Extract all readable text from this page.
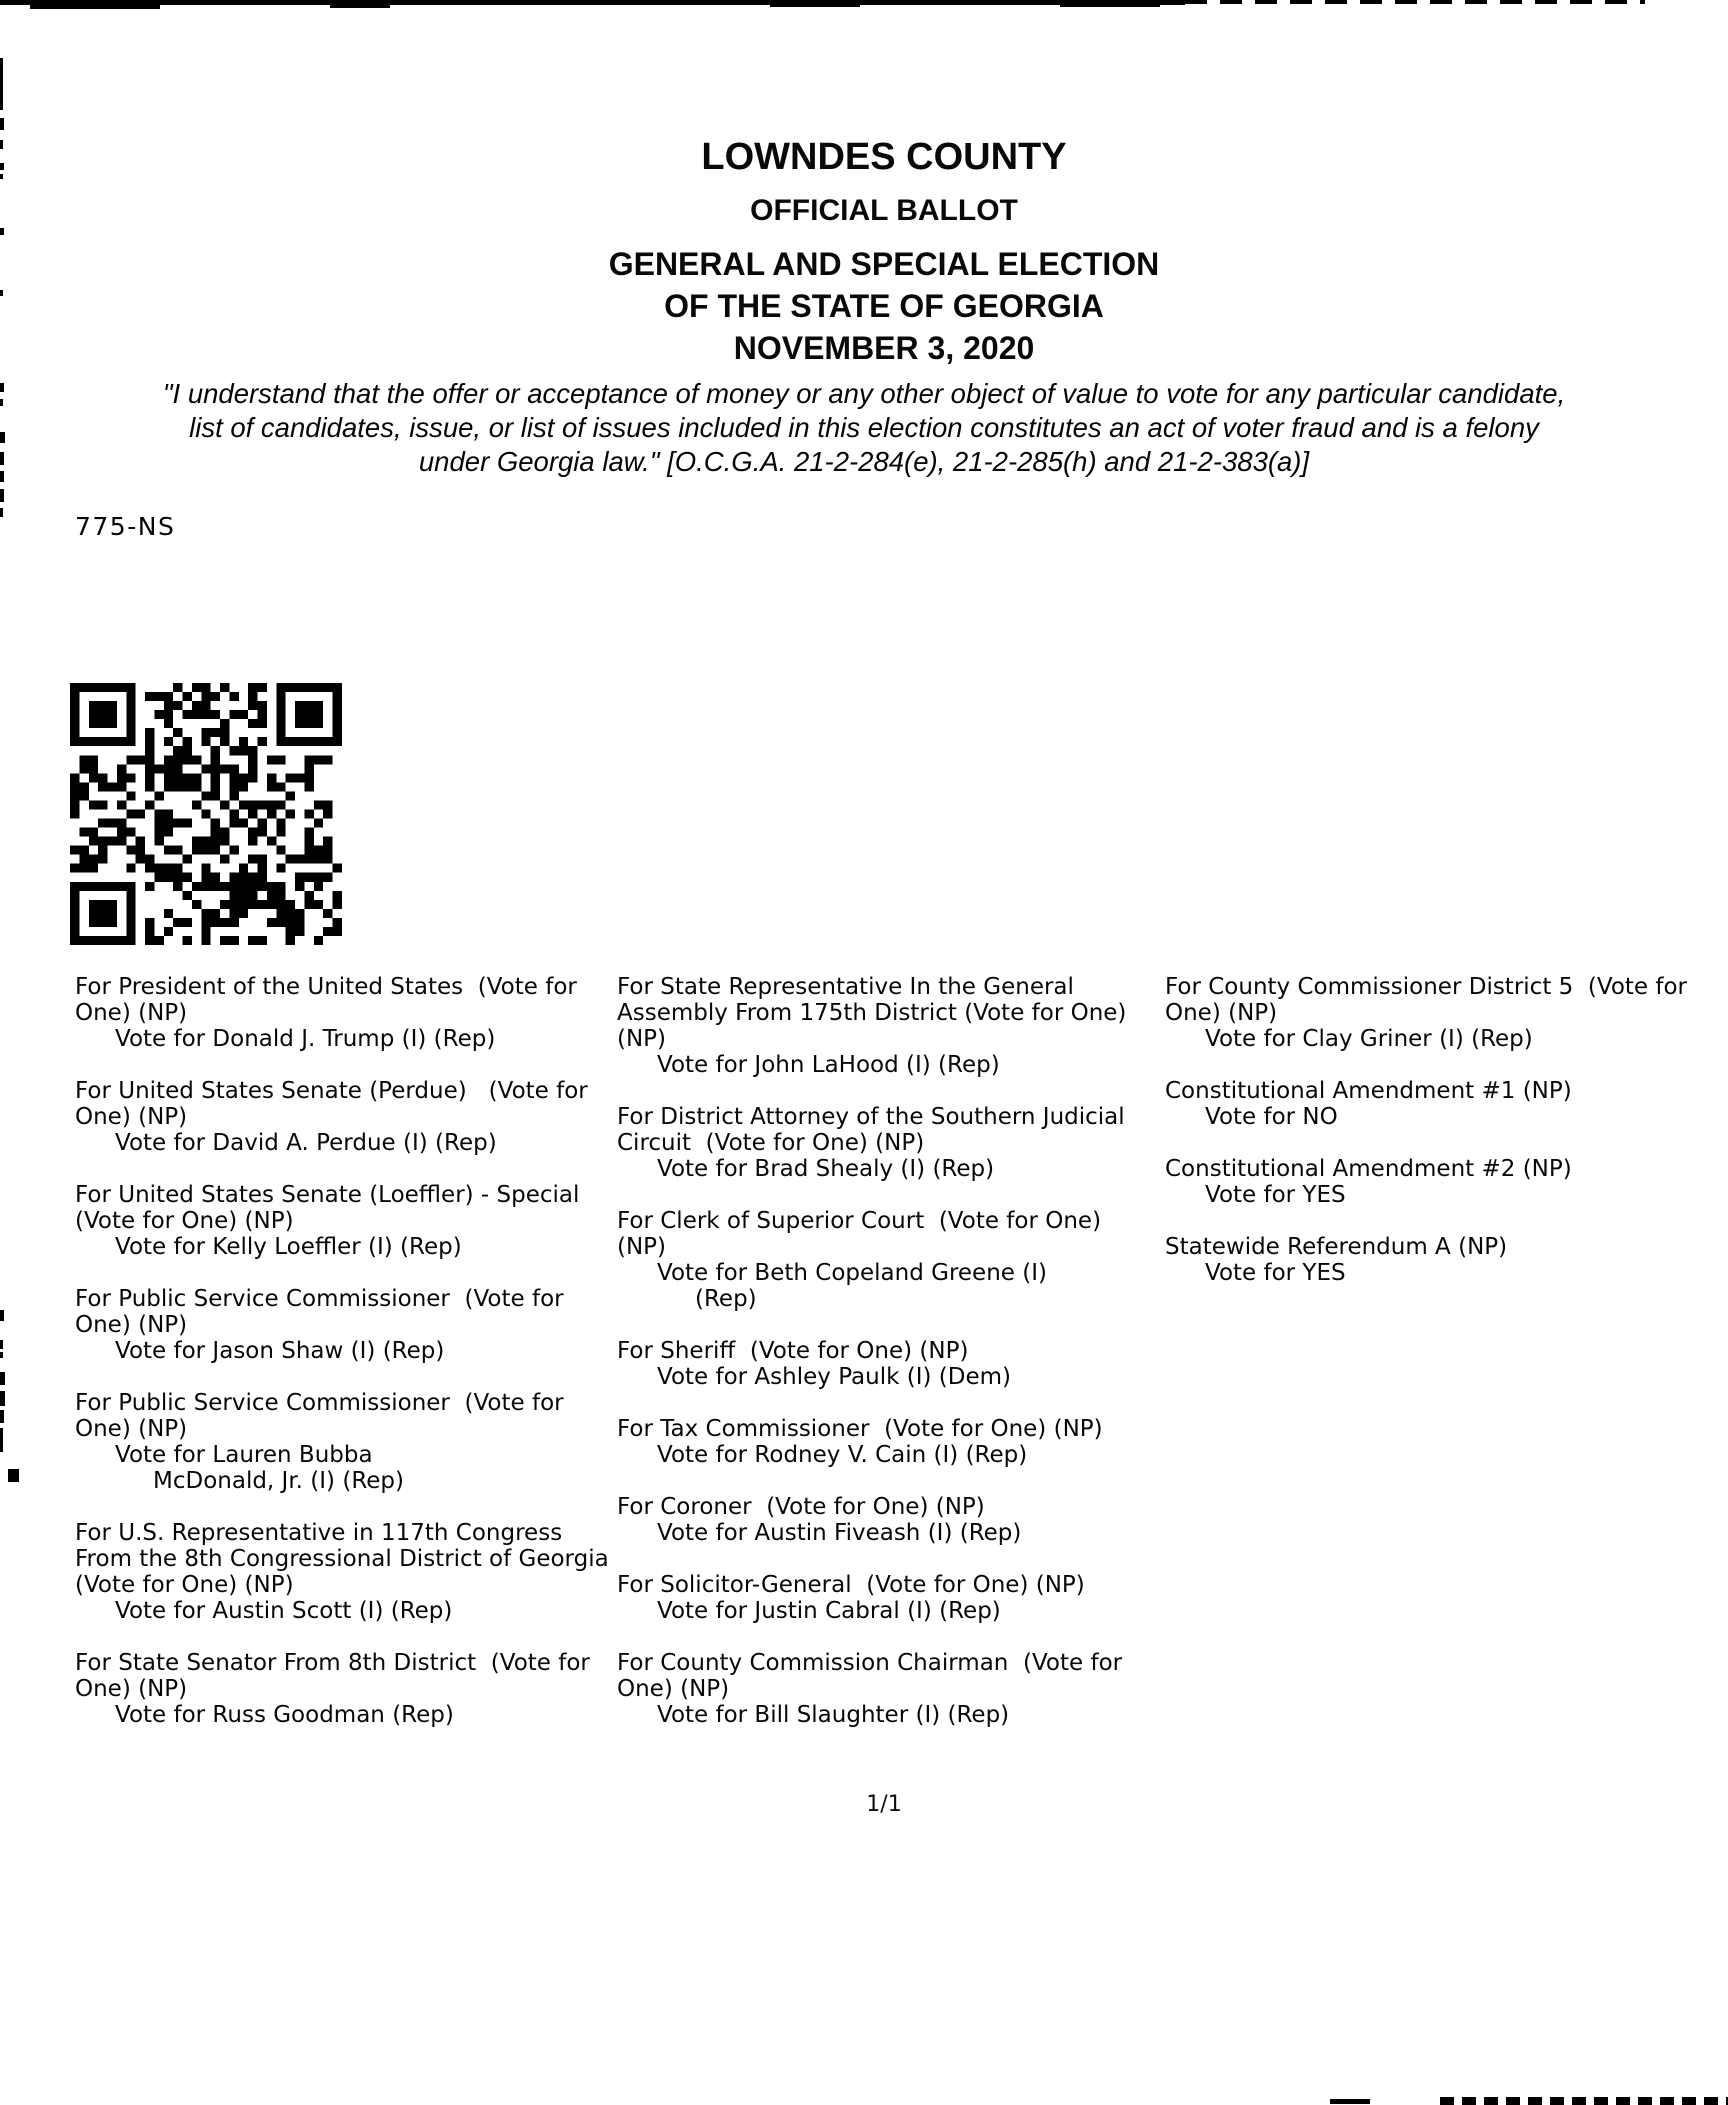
LOWNDES COUNTY
OFFICIAL BALLOT
GENERAL AND SPECIAL ELECTION
OF THE STATE OF GEORGIA
NOVEMBER 3, 2020
"I understand that the offer or acceptance of money or any other object of value to vote for any particular candidate,
list of candidates, issue, or list of issues included in this election constitutes an act of voter fraud and is a felony
under Georgia law." [O.C.G.A. 21-2-284(e), 21-2-285(h) and 21-2-383(a)]
775-NS
For President of the United States  (Vote for One) (NP)
Vote for Donald J. Trump (I) (Rep)
For United States Senate (Perdue)   (Vote for One) (NP)
Vote for David A. Perdue (I) (Rep)
For United States Senate (Loeffler) - Special  (Vote for One) (NP)
Vote for Kelly Loeffler (I) (Rep)
For Public Service Commissioner  (Vote for One) (NP)
Vote for Jason Shaw (I) (Rep)
For Public Service Commissioner  (Vote for One) (NP)
Vote for Lauren Bubba
McDonald, Jr. (I) (Rep)
For U.S. Representative in 117th Congress From the 8th Congressional District of Georgia (Vote for One) (NP)
Vote for Austin Scott (I) (Rep)
For State Senator From 8th District  (Vote for One) (NP)
Vote for Russ Goodman (Rep)
For State Representative In the General Assembly From 175th District (Vote for One) (NP)
Vote for John LaHood (I) (Rep)
For District Attorney of the Southern Judicial Circuit  (Vote for One) (NP)
Vote for Brad Shealy (I) (Rep)
For Clerk of Superior Court  (Vote for One) (NP)
Vote for Beth Copeland Greene (I)
(Rep)
For Sheriff  (Vote for One) (NP)
Vote for Ashley Paulk (I) (Dem)
For Tax Commissioner  (Vote for One) (NP)
Vote for Rodney V. Cain (I) (Rep)
For Coroner  (Vote for One) (NP)
Vote for Austin Fiveash (I) (Rep)
For Solicitor-General  (Vote for One) (NP)
Vote for Justin Cabral (I) (Rep)
For County Commission Chairman  (Vote for One) (NP)
Vote for Bill Slaughter (I) (Rep)
For County Commissioner District 5  (Vote for One) (NP)
Vote for Clay Griner (I) (Rep)
Constitutional Amendment #1 (NP)
Vote for NO
Constitutional Amendment #2 (NP)
Vote for YES
Statewide Referendum A (NP)
Vote for YES
1/1
